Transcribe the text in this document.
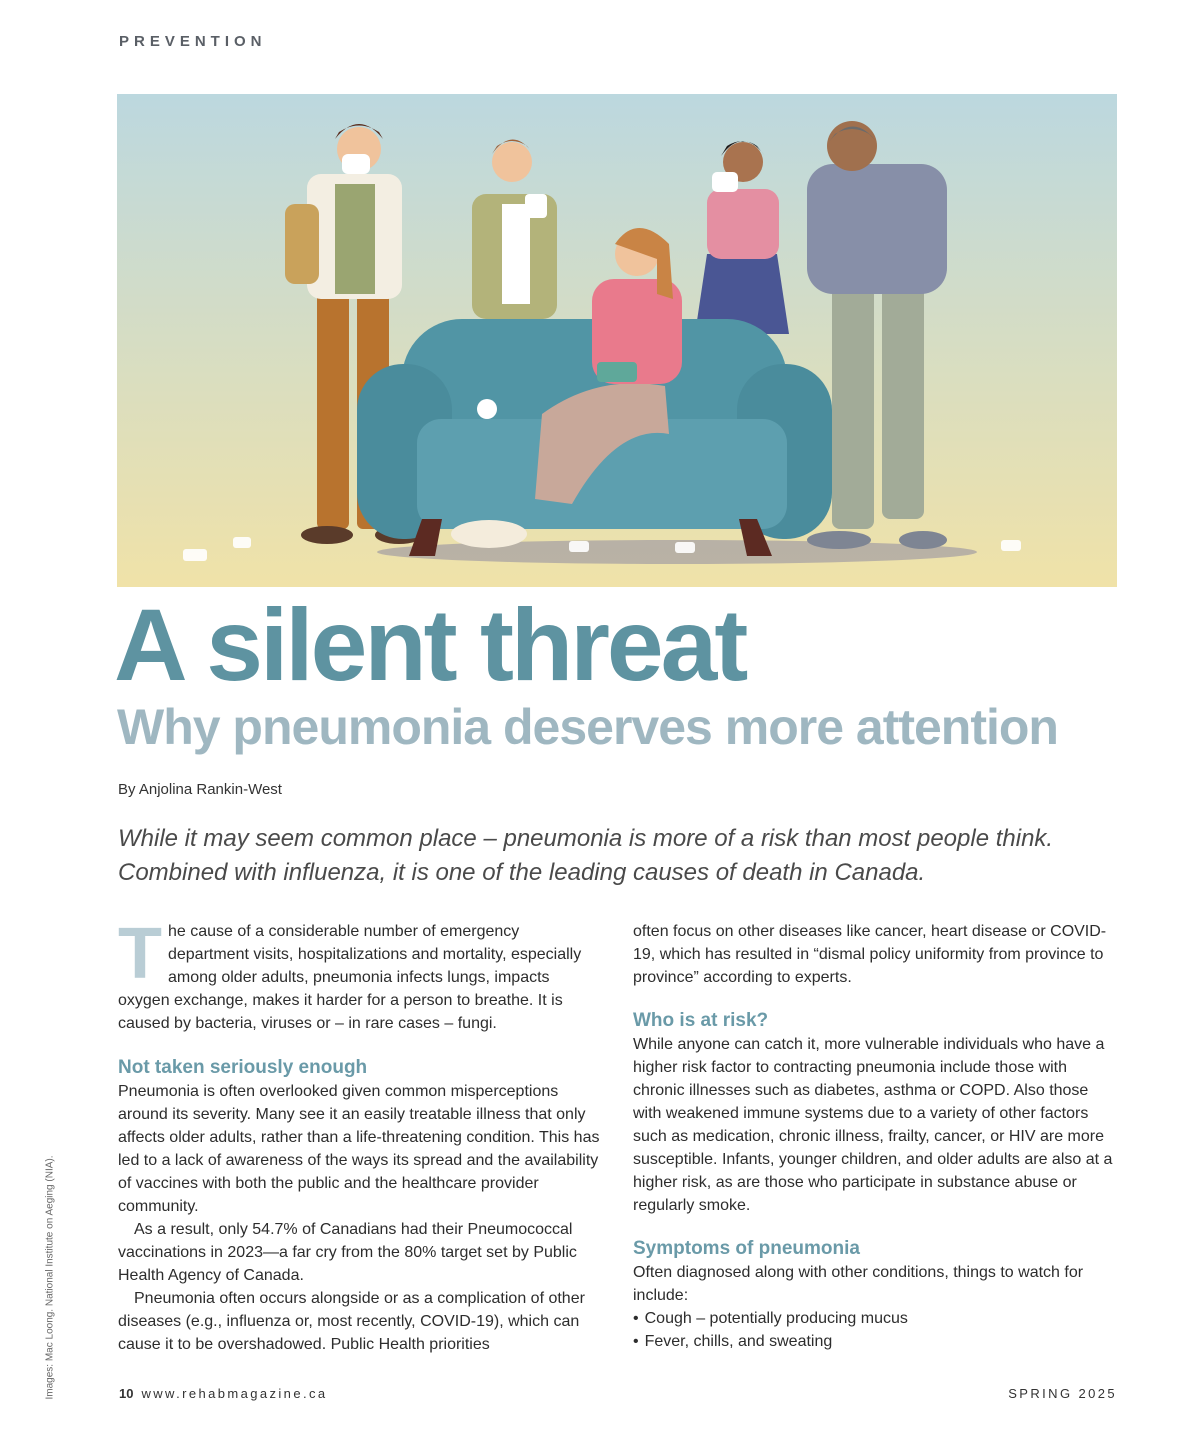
PREVENTION
A silent threat
Why pneumonia deserves more attention
By Anjolina Rankin-West
While it may seem common place – pneumonia is more of a risk than most people think. Combined with influenza, it is one of the leading causes of death in Canada.

The cause of a considerable number of emergency department visits, hospitalizations and mortality, especially among older adults, pneumonia infects lungs, impacts oxygen exchange, makes it harder for a person to breathe. It is caused by bacteria, viruses or – in rare cases – fungi.

Not taken seriously enough

Pneumonia is often overlooked given common misperceptions around its severity. Many see it an easily treatable illness that only affects older adults, rather than a life-threatening condition. This has led to a lack of awareness of the ways its spread and the availability of vaccines with both the public and the healthcare provider community.

As a result, only 54.7% of Canadians had their Pneumococcal vaccinations in 2023—a far cry from the 80% target set by Public Health Agency of Canada.

Pneumonia often occurs alongside or as a complication of other diseases (e.g., influenza or, most recently, COVID-19), which can cause it to be overshadowed. Public Health priorities

often focus on other diseases like cancer, heart disease or COVID-19, which has resulted in “dismal policy uniformity from province to province” according to experts.

Who is at risk?

While anyone can catch it, more vulnerable individuals who have a higher risk factor to contracting pneumonia include those with chronic illnesses such as diabetes, asthma or COPD. Also those with weakened immune systems due to a variety of other factors such as medication, chronic illness, frailty, cancer, or HIV are more susceptible. Infants, younger children, and older adults are also at a higher risk, as are those who participate in substance abuse or regularly smoke.

Symptoms of pneumonia

Often diagnosed along with other conditions, things to watch for include:

• Cough – potentially producing mucus
• Fever, chills, and sweating
Images: Mac Loong. National Institute on Aeging (NIA).	10 www.rehabmagazine.ca	SPRING 2025
